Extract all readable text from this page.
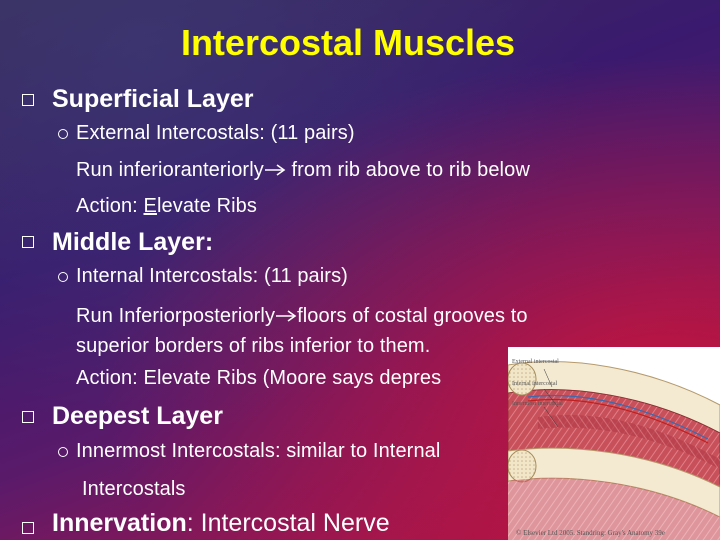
Intercostal Muscles
Superficial Layer
External Intercostals: (11 pairs)
Run inferioranteriorly from rib above to rib below
Action: Elevate Ribs
Middle Layer:
Internal Intercostals: (11 pairs)
Run Inferiorposteriorly floors of costal grooves to
superior borders of ribs inferior to them.
Action: Elevate Ribs (Moore says depres
Deepest Layer
Innermost Intercostals: similar to Internal
Intercostals
Innervation: Intercostal Nerve
External intercostal
Internal intercostal
Innermost intercostal
© Elsevier Ltd 2005. Standring: Gray's Anatomy 39e
